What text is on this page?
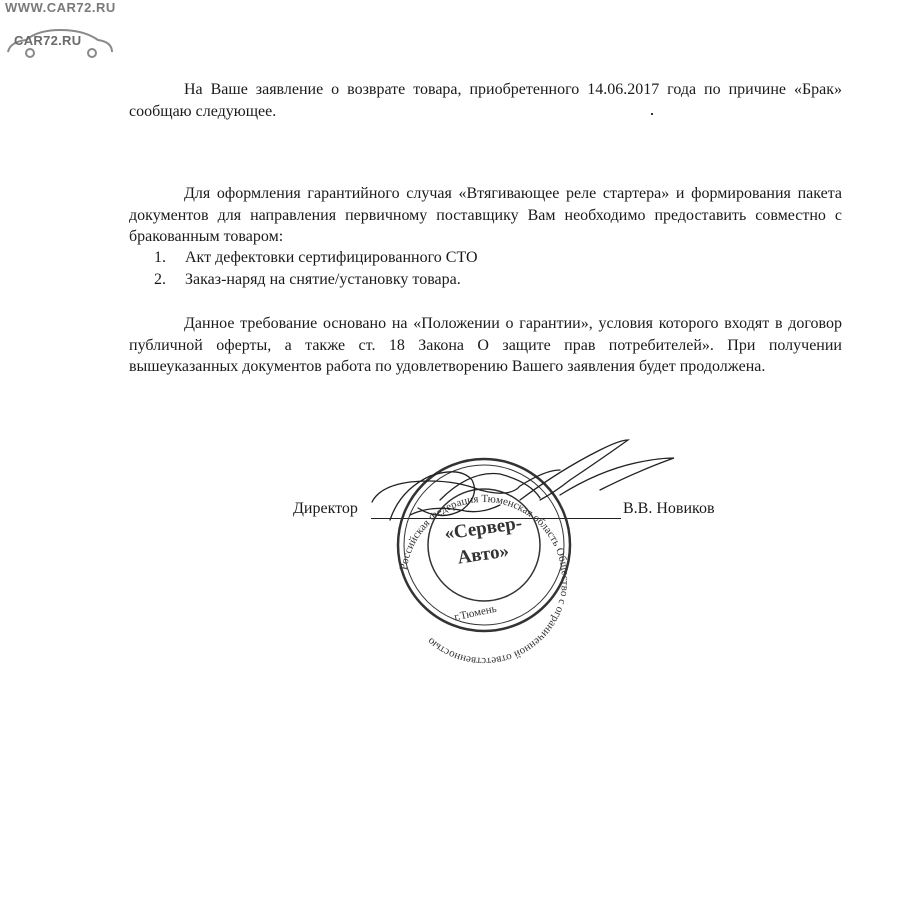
WWW.CAR72.RU
CAR72.RU
На Ваше заявление о возврате товара, приобретенного 14.06.2017 года по причине «Брак» сообщаю следующее.
Для оформления гарантийного случая «Втягивающее реле стартера» и формирования пакета документов для направления первичному поставщику Вам необходимо предоставить совместно с бракованным товаром:
1.	Акт дефектовки сертифицированного СТО
2.	Заказ-наряд на снятие/установку товара.
Данное требование основано на «Положении о гарантии», условия которого входят в договор публичной оферты, а также ст. 18 Закона О защите прав потребителей». При получении вышеуказанных документов работа по удовлетворению Вашего заявления будет продолжена.
Директор	В.В. Новиков
Российская Федерация Тюменская область Общество с ограниченной ответственностью
«Сервер-
Авто»
г.Тюмень
